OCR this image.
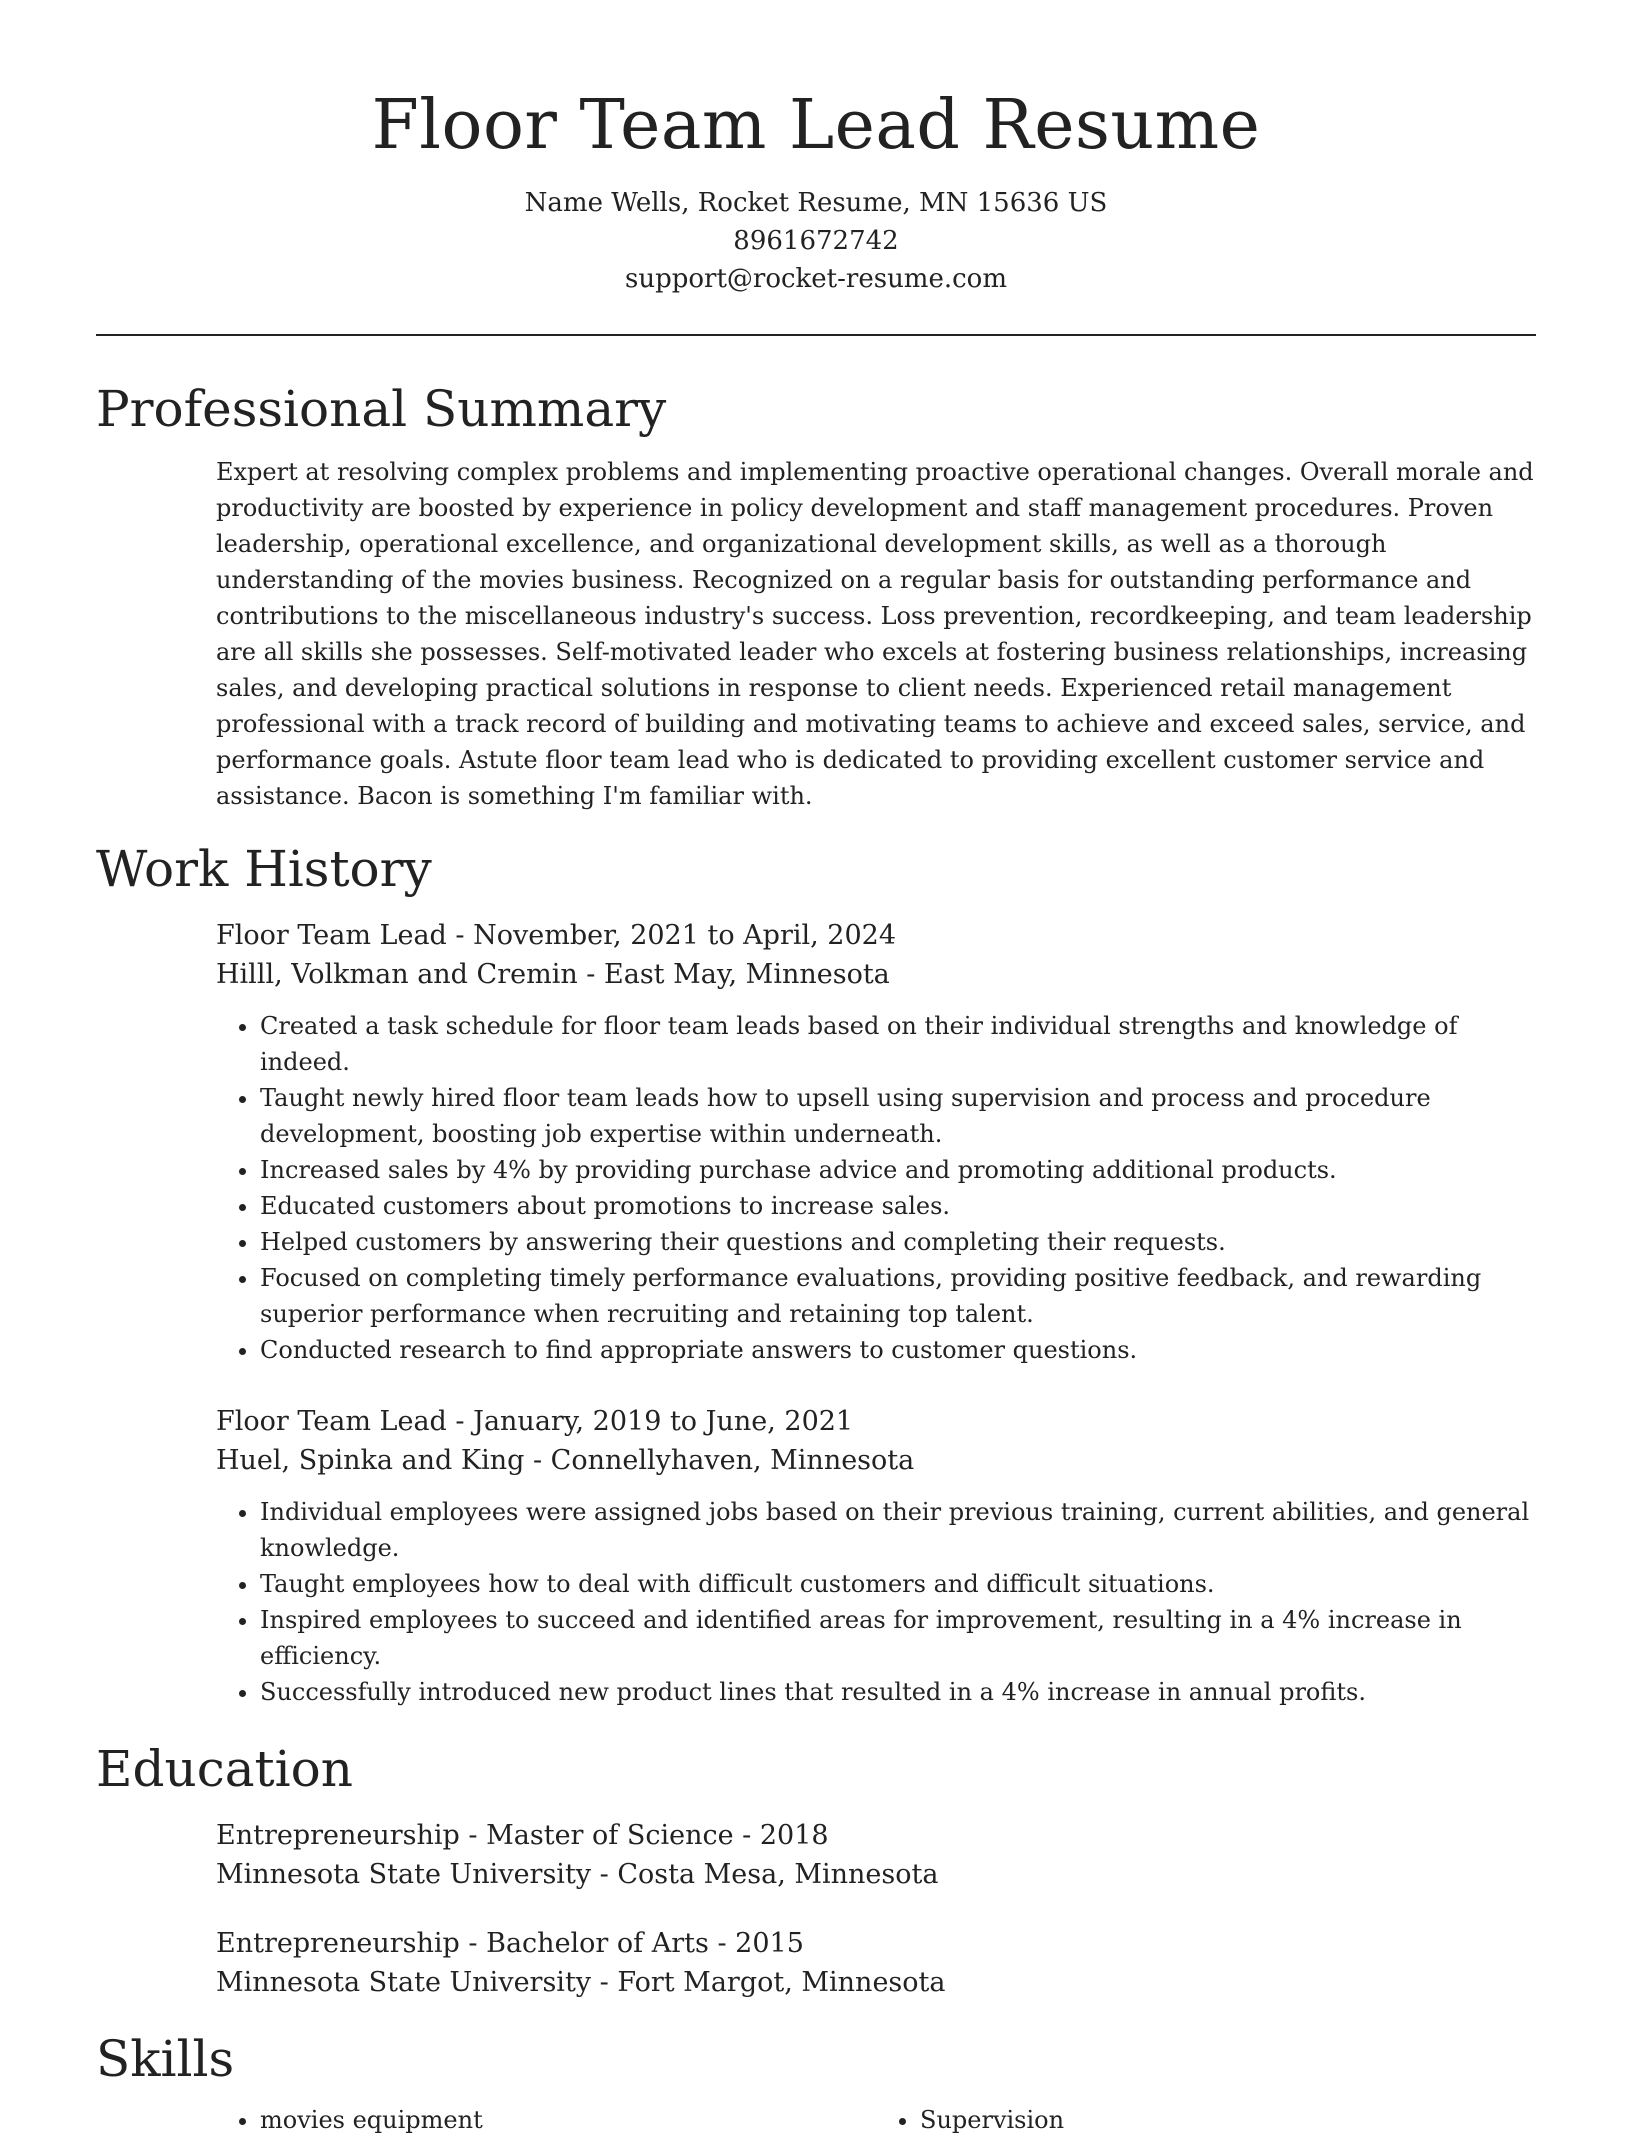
Floor Team Lead Resume

Name Wells, Rocket Resume, MN 15636 US

8961672742

support@rocket-resume.com

Professional Summary

Expert at resolving complex problems and implementing proactive operational changes. Overall morale and productivity are boosted by experience in policy development and staff management procedures. Proven leadership, operational excellence, and organizational development skills, as well as a thorough understanding of the movies business. Recognized on a regular basis for outstanding performance and contributions to the miscellaneous industry's success. Loss prevention, recordkeeping, and team leadership are all skills she possesses. Self-motivated leader who excels at fostering business relationships, increasing sales, and developing practical solutions in response to client needs. Experienced retail management professional with a track record of building and motivating teams to achieve and exceed sales, service, and performance goals. Astute floor team lead who is dedicated to providing excellent customer service and assistance. Bacon is something I'm familiar with.

Work History

Floor Team Lead - November, 2021 to April, 2024

Hilll, Volkman and Cremin - East May, Minnesota

• Created a task schedule for floor team leads based on their individual strengths and knowledge of indeed.
• Taught newly hired floor team leads how to upsell using supervision and process and procedure development, boosting job expertise within underneath.
• Increased sales by 4% by providing purchase advice and promoting additional products.
• Educated customers about promotions to increase sales.
• Helped customers by answering their questions and completing their requests.
• Focused on completing timely performance evaluations, providing positive feedback, and rewarding superior performance when recruiting and retaining top talent.
• Conducted research to find appropriate answers to customer questions.

Floor Team Lead - January, 2019 to June, 2021

Huel, Spinka and King - Connellyhaven, Minnesota

• Individual employees were assigned jobs based on their previous training, current abilities, and general knowledge.
• Taught employees how to deal with difficult customers and difficult situations.
• Inspired employees to succeed and identified areas for improvement, resulting in a 4% increase in efficiency.
• Successfully introduced new product lines that resulted in a 4% increase in annual profits.
Education

Entrepreneurship - Master of Science - 2018

Minnesota State University - Costa Mesa, Minnesota

Entrepreneurship - Bachelor of Arts - 2015

Minnesota State University - Fort Margot, Minnesota

Skills
• movies equipment
•	Supervision
